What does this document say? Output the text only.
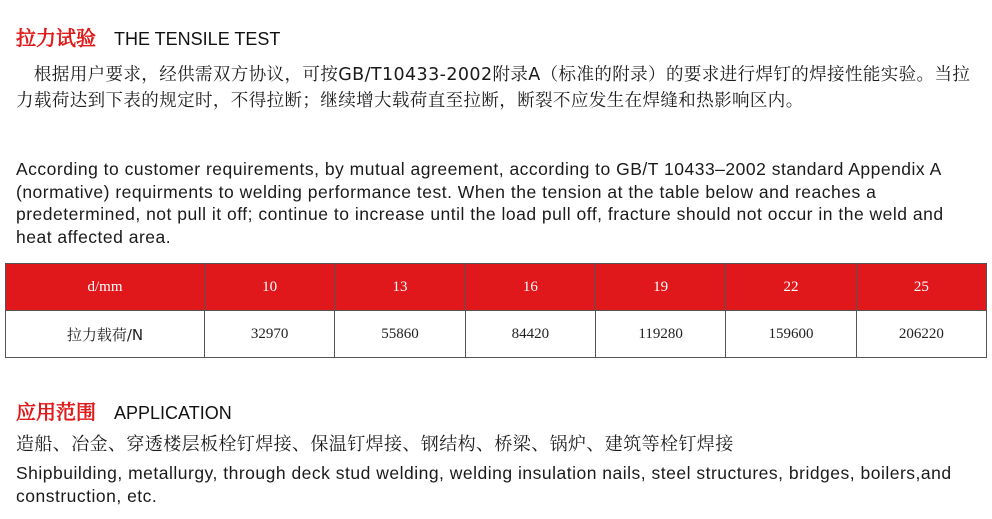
拉力试验 THE TENSILE TEST
　根据用户要求，经供需双方协议，可按GB/T10433-2002附录A（标准的附录）的要求进行焊钉的焊接性能实验。当拉力载荷达到下表的规定时，不得拉断；继续增大载荷直至拉断，断裂不应发生在焊缝和热影响区内。
According to customer requirements, by mutual agreement, according to GB/T 10433–2002 standard Appendix A (normative) requirments to welding performance test. When the tension at the table below and reaches a predetermined, not pull it off; continue to increase until the load pull off, fracture should not occur in the weld and heat affected area.
d/mm	10	13	16	19	22	25
拉力载荷/N	32970	55860	84420	119280	159600	206220
应用范围 APPLICATION
造船、冶金、穿透楼层板栓钉焊接、保温钉焊接、钢结构、桥梁、锅炉、建筑等栓钉焊接
Shipbuilding, metallurgy, through deck stud welding, welding insulation nails, steel structures, bridges, boilers,and construction, etc.
